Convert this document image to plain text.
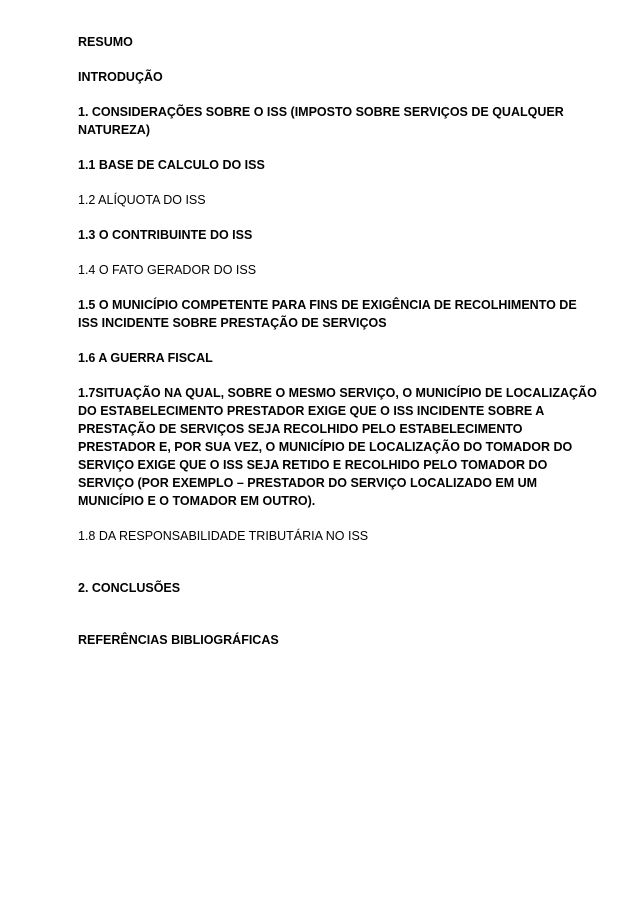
RESUMO

INTRODUÇÃO

1. CONSIDERAÇÕES SOBRE O ISS (IMPOSTO SOBRE SERVIÇOS DE QUALQUER NATUREZA)

1.1 BASE DE CALCULO DO ISS

1.2 ALÍQUOTA DO ISS

1.3 O CONTRIBUINTE DO ISS

1.4 O FATO GERADOR DO ISS

1.5 O MUNICÍPIO COMPETENTE PARA FINS DE EXIGÊNCIA DE RECOLHIMENTO DE ISS INCIDENTE SOBRE PRESTAÇÃO DE SERVIÇOS

1.6 A GUERRA FISCAL

1.7SITUAÇÃO NA QUAL, SOBRE O MESMO SERVIÇO, O MUNICÍPIO DE LOCALIZAÇÃO DO ESTABELECIMENTO PRESTADOR EXIGE QUE O ISS INCIDENTE SOBRE A PRESTAÇÃO DE SERVIÇOS SEJA RECOLHIDO PELO ESTABELECIMENTO PRESTADOR E, POR SUA VEZ, O MUNICÍPIO DE LOCALIZAÇÃO DO TOMADOR DO SERVIÇO EXIGE QUE O ISS SEJA RETIDO E RECOLHIDO PELO TOMADOR DO SERVIÇO (POR EXEMPLO – PRESTADOR DO SERVIÇO LOCALIZADO EM UM MUNICÍPIO E O TOMADOR EM OUTRO).

1.8 DA RESPONSABILIDADE TRIBUTÁRIA NO ISS

2. CONCLUSÕES

REFERÊNCIAS BIBLIOGRÁFICAS
